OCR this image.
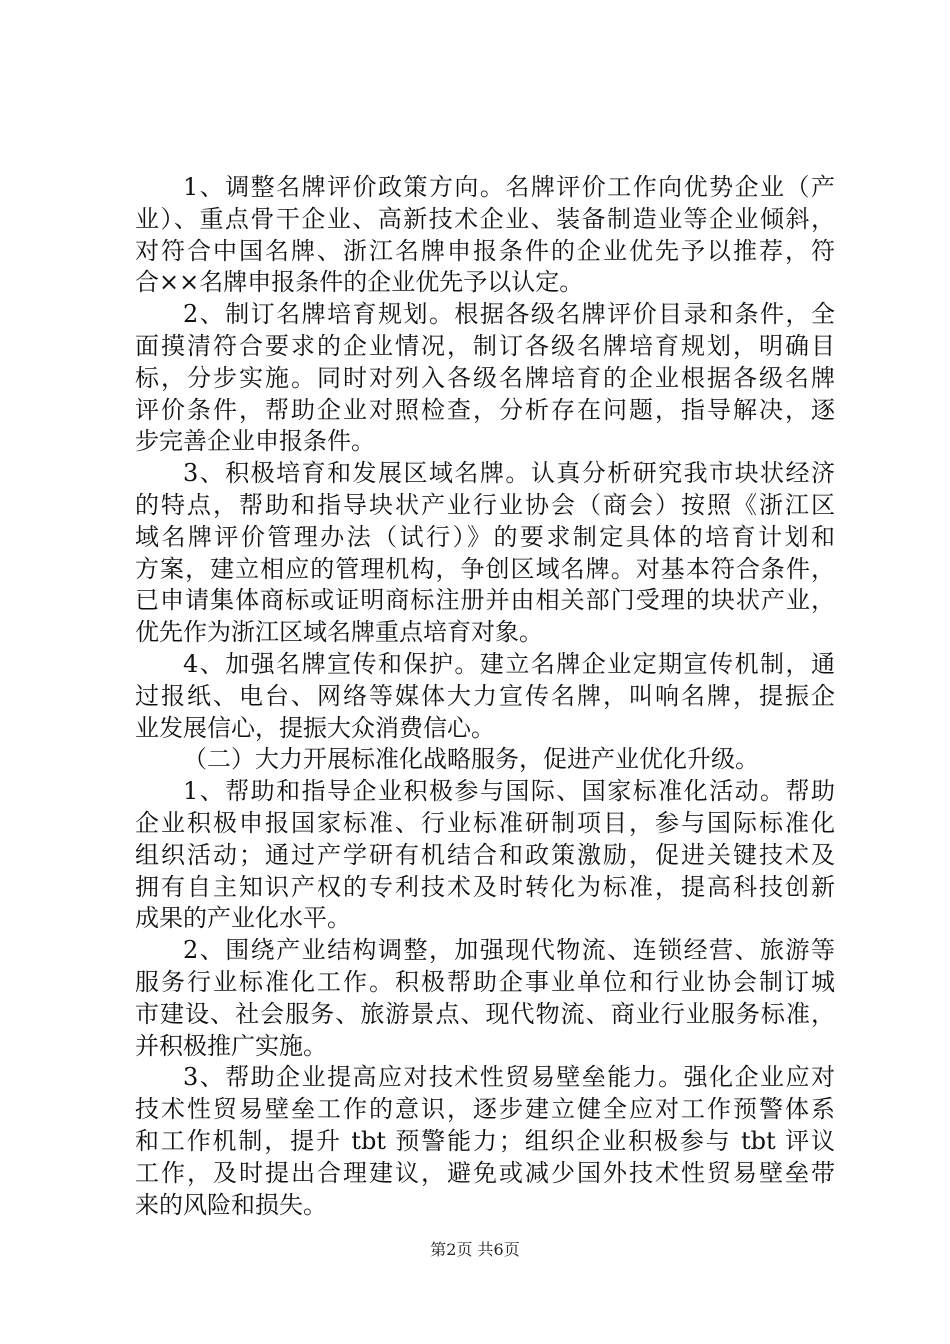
1、调整名牌评价政策方向。名牌评价工作向优势企业（产
业）、重点骨干企业、高新技术企业、装备制造业等企业倾斜，
对符合中国名牌、浙江名牌申报条件的企业优先予以推荐，符
合××名牌申报条件的企业优先予以认定。
2、制订名牌培育规划。根据各级名牌评价目录和条件，全
面摸清符合要求的企业情况，制订各级名牌培育规划，明确目
标，分步实施。同时对列入各级名牌培育的企业根据各级名牌
评价条件，帮助企业对照检查，分析存在问题，指导解决，逐
步完善企业申报条件。
3、积极培育和发展区域名牌。认真分析研究我市块状经济
的特点，帮助和指导块状产业行业协会（商会）按照《浙江区
域名牌评价管理办法（试行）》的要求制定具体的培育计划和
方案，建立相应的管理机构，争创区域名牌。对基本符合条件，
已申请集体商标或证明商标注册并由相关部门受理的块状产业，
优先作为浙江区域名牌重点培育对象。
4、加强名牌宣传和保护。建立名牌企业定期宣传机制，通
过报纸、电台、网络等媒体大力宣传名牌，叫响名牌，提振企
业发展信心，提振大众消费信心。
（二）大力开展标准化战略服务，促进产业优化升级。
1、帮助和指导企业积极参与国际、国家标准化活动。帮助
企业积极申报国家标准、行业标准研制项目，参与国际标准化
组织活动；通过产学研有机结合和政策激励，促进关键技术及
拥有自主知识产权的专利技术及时转化为标准，提高科技创新
成果的产业化水平。
2、围绕产业结构调整，加强现代物流、连锁经营、旅游等
服务行业标准化工作。积极帮助企事业单位和行业协会制订城
市建设、社会服务、旅游景点、现代物流、商业行业服务标准，
并积极推广实施。
3、帮助企业提高应对技术性贸易壁垒能力。强化企业应对
技术性贸易壁垒工作的意识，逐步建立健全应对工作预警体系
和工作机制，提升 tbt 预警能力；组织企业积极参与 tbt 评议
工作，及时提出合理建议，避免或减少国外技术性贸易壁垒带
来的风险和损失。
第2页 共6页
